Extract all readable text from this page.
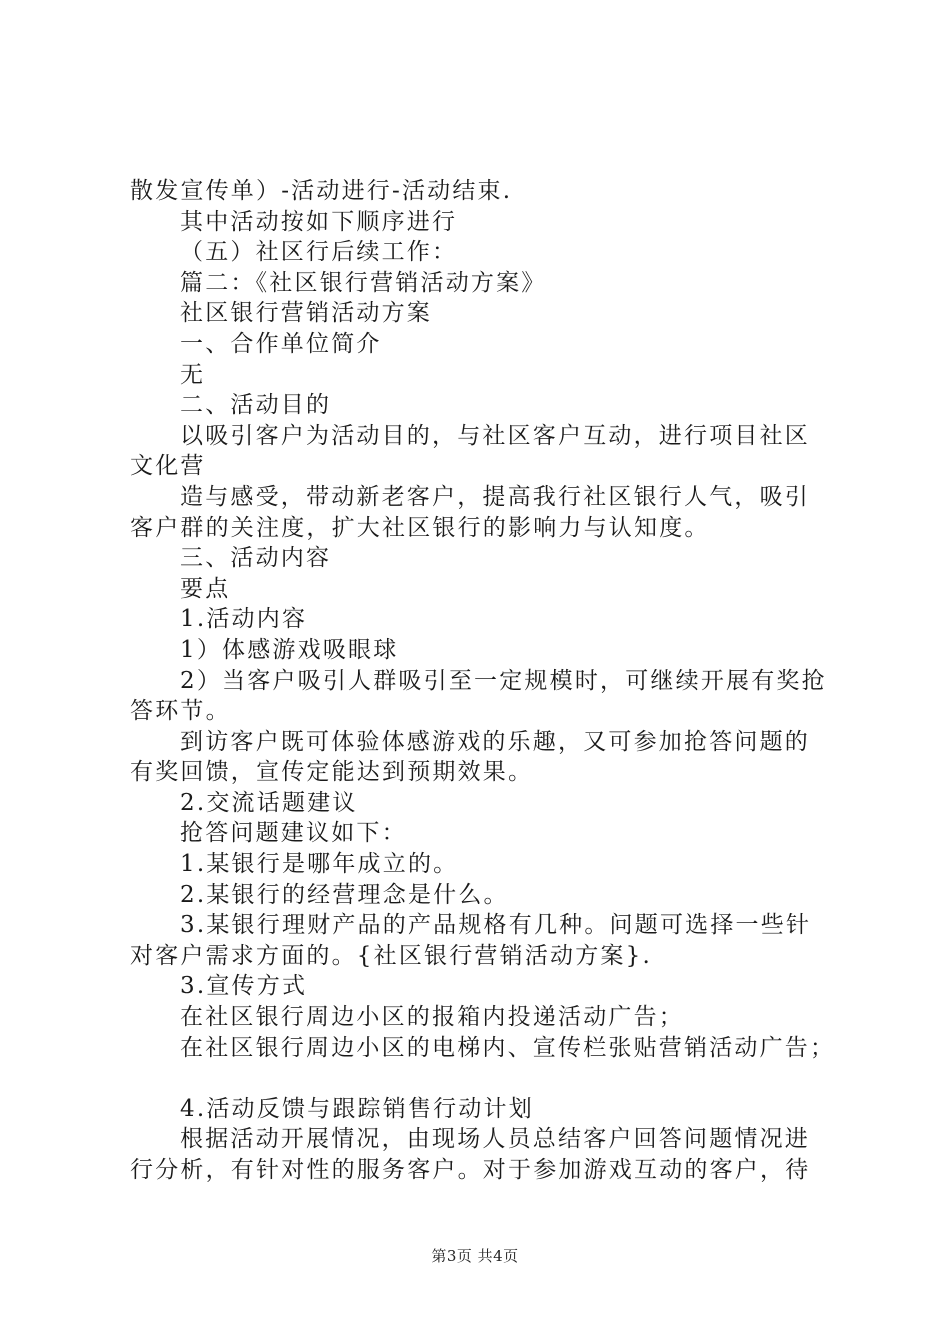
散发宣传单）-活动进行-活动结束.
其中活动按如下顺序进行
（五）社区行后续工作：
篇二：《社区银行营销活动方案》
社区银行营销活动方案
一、合作单位简介
无
二、活动目的
以吸引客户为活动目的，与社区客户互动，进行项目社区
文化营
造与感受，带动新老客户，提高我行社区银行人气，吸引
客户群的关注度，扩大社区银行的影响力与认知度。
三、活动内容
要点
1.活动内容
1）体感游戏吸眼球
2）当客户吸引人群吸引至一定规模时，可继续开展有奖抢
答环节。
到访客户既可体验体感游戏的乐趣，又可参加抢答问题的
有奖回馈，宣传定能达到预期效果。
2.交流话题建议
抢答问题建议如下：
1.某银行是哪年成立的。
2.某银行的经营理念是什么。
3.某银行理财产品的产品规格有几种。问题可选择一些针
对客户需求方面的。{社区银行营销活动方案}.
3.宣传方式
在社区银行周边小区的报箱内投递活动广告；
在社区银行周边小区的电梯内、宣传栏张贴营销活动广告；
4.活动反馈与跟踪销售行动计划
根据活动开展情况，由现场人员总结客户回答问题情况进
行分析，有针对性的服务客户。对于参加游戏互动的客户，待
第3页 共4页
